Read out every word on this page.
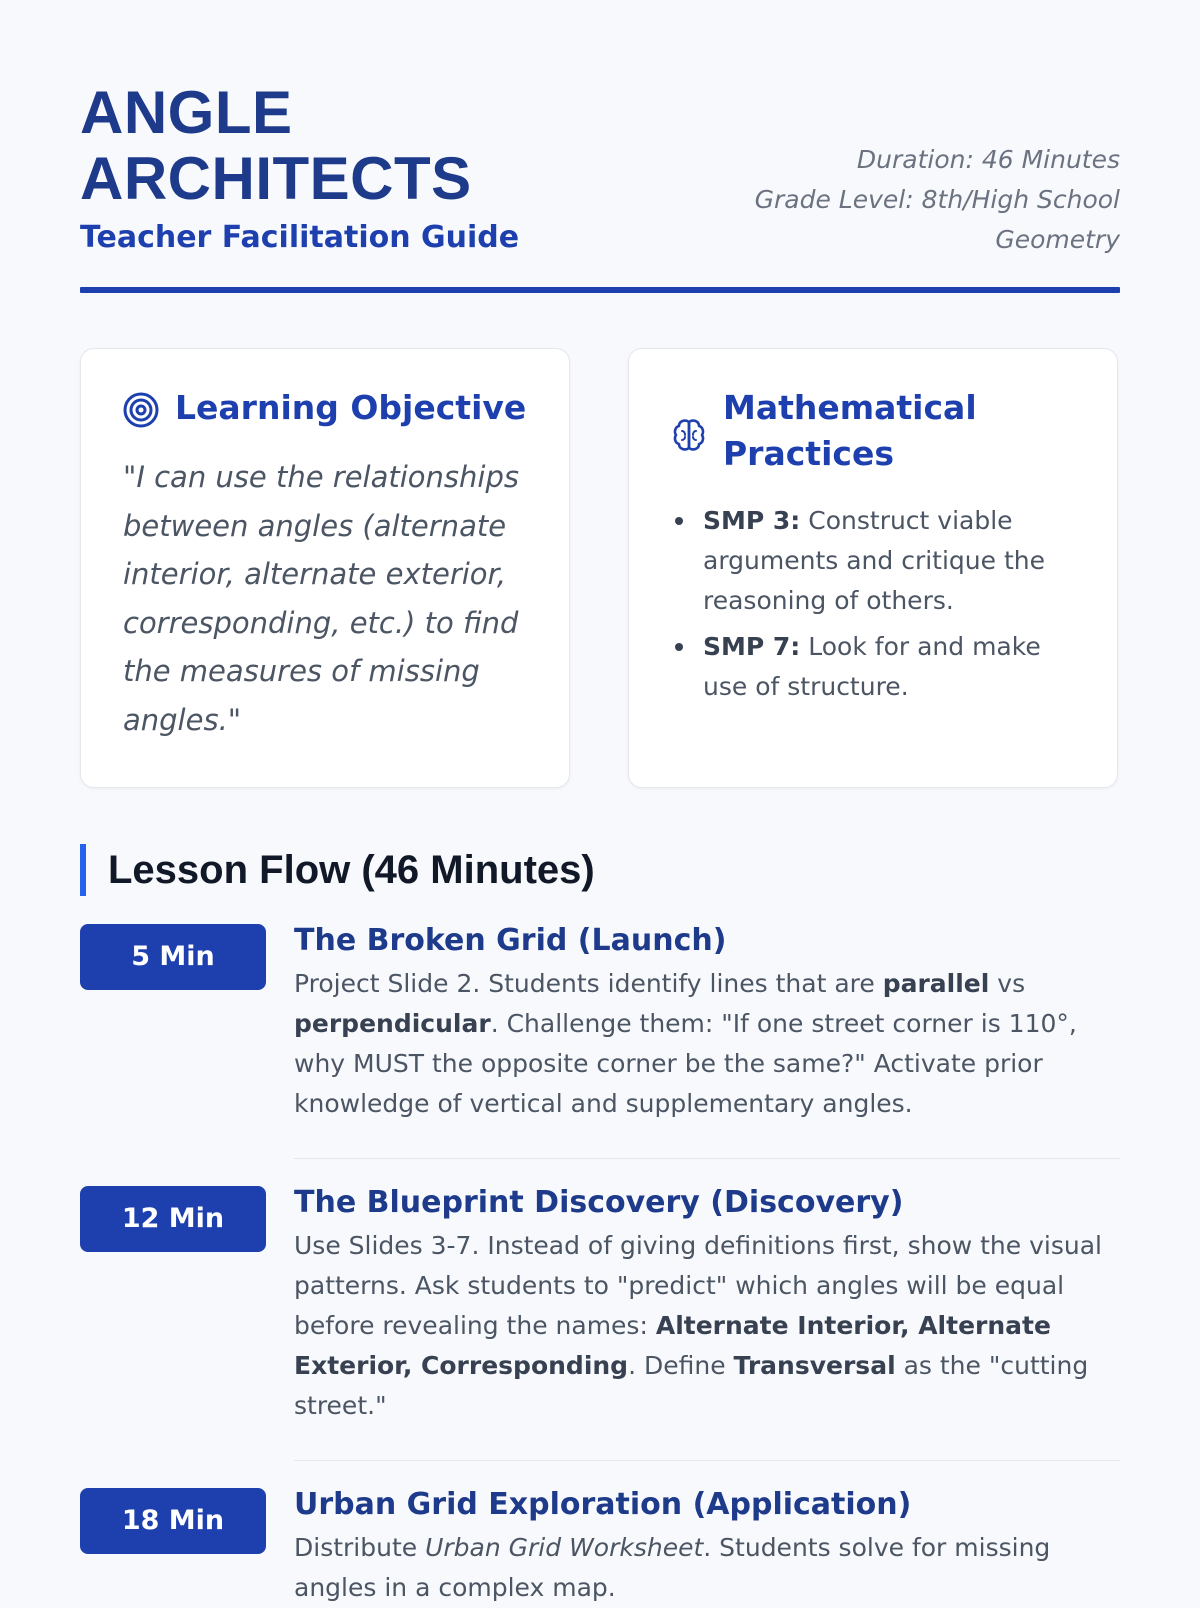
ANGLE
ARCHITECTS
Teacher Facilitation Guide
Duration: 46 Minutes
Grade Level: 8th/High School
Geometry
Learning Objective
"I can use the relationships between angles (alternate interior, alternate exterior, corresponding, etc.) to find the measures of missing angles."
Mathematical Practices
SMP 3: Construct viable arguments and critique the reasoning of others.
SMP 7: Look for and make use of structure.
Lesson Flow (46 Minutes)
5 Min	The Broken Grid (Launch)
Project Slide 2. Students identify lines that are parallel vs perpendicular. Challenge them: "If one street corner is 110°, why MUST the opposite corner be the same?" Activate prior knowledge of vertical and supplementary angles.
12 Min	The Blueprint Discovery (Discovery)
Use Slides 3-7. Instead of giving definitions first, show the visual patterns. Ask students to "predict" which angles will be equal before revealing the names: Alternate Interior, Alternate Exterior, Corresponding. Define Transversal as the "cutting street."
18 Min	Urban Grid Exploration (Application)
Distribute Urban Grid Worksheet. Students solve for missing angles in a complex map.
